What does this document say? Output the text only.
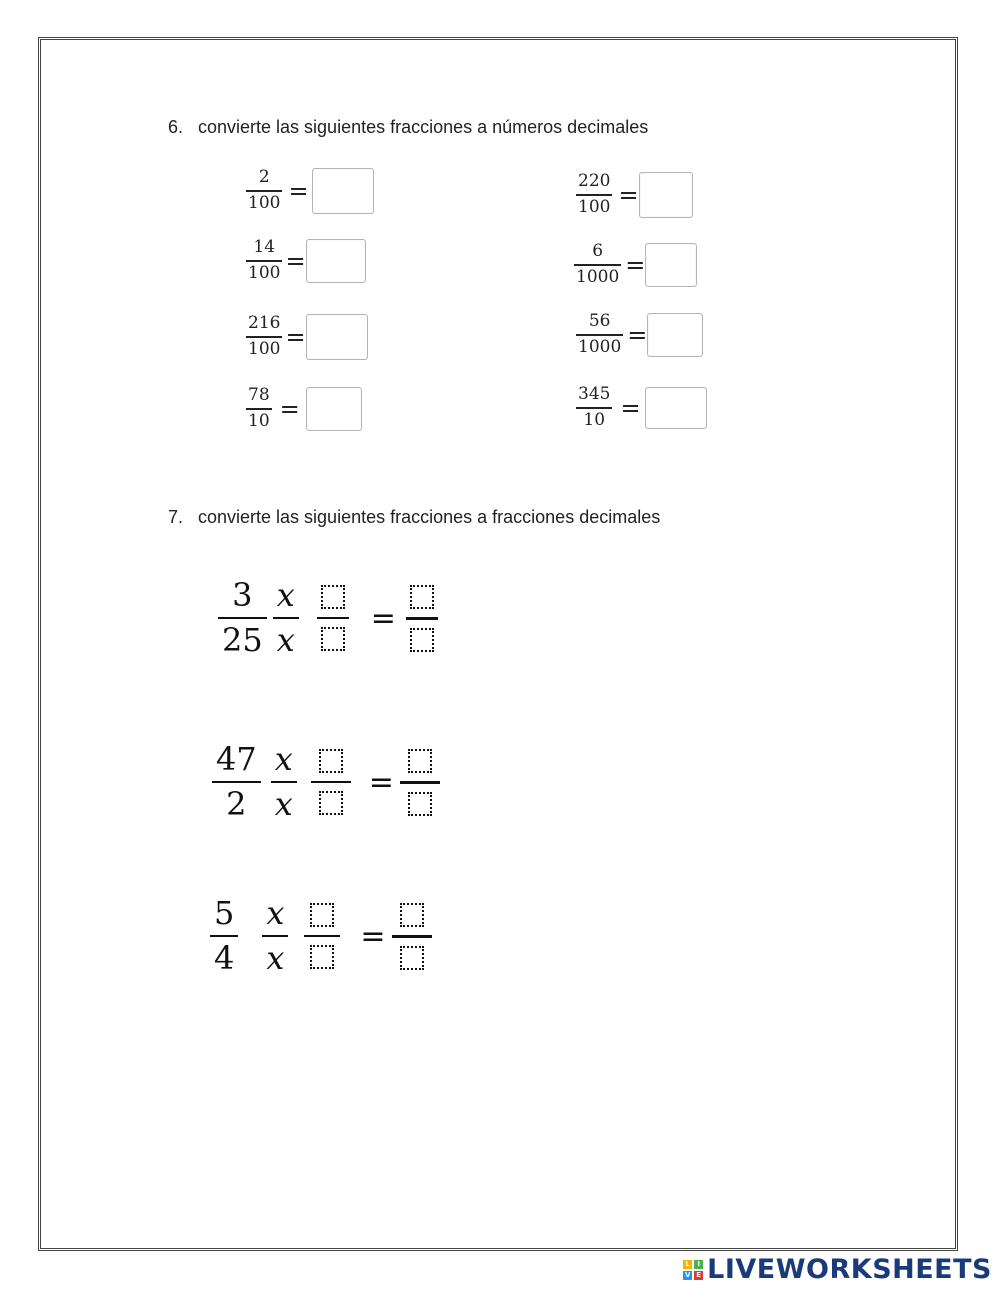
6. convierte las siguientes fracciones a números decimales
2
100 =
14
100 =
216
100 =
78
10 =
220
100 =
6
1000 =
56
1000 =
345
10 =
7. convierte las siguientes fracciones a fracciones decimales
3
25
x
x
=
47
2
x
x
=
5
4
x
x
=
L	I
V E LIVEWORKSHEETS
